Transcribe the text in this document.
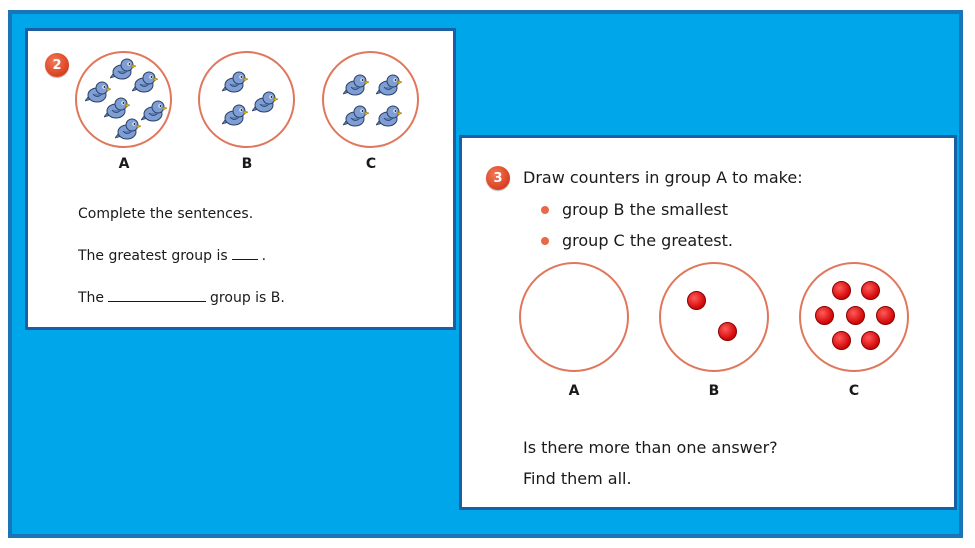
2
A	B	C
Complete the sentences.
The greatest group is .
The	group is B.
3	Draw counters in group A to make:
group B the smallest
group C the greatest.
A	B	C
Is there more than one answer?
Find them all.
